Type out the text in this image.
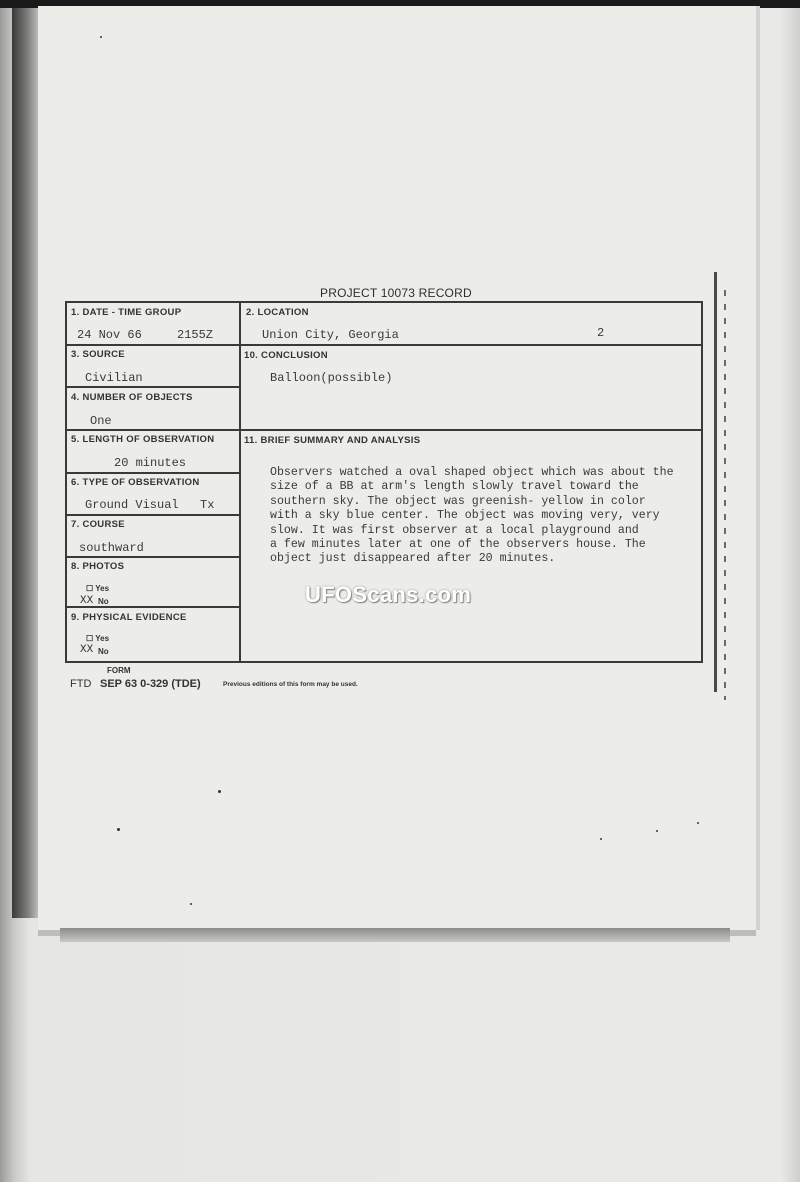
PROJECT 10073 RECORD
1. DATE - TIME GROUP
24 Nov 66	2155Z
2. LOCATION
Union City, Georgia	2
3. SOURCE
Civilian
10. CONCLUSION
Balloon(possible)
4. NUMBER OF OBJECTS
One
5. LENGTH OF OBSERVATION
20 minutes
11. BRIEF SUMMARY AND ANALYSIS
Observers watched a oval shaped object which was about the
size of a BB at arm's length slowly travel toward the
southern sky. The object was greenish- yellow in color
with a sky blue center. The object was moving very, very
slow. It was first observer at a local playground and
a few minutes later at one of the observers house. The
object just disappeared after 20 minutes.
6. TYPE OF OBSERVATION
Ground Visual Tx
7. COURSE
southward
8. PHOTOS
☐ Yes
XX No
9. PHYSICAL EVIDENCE
☐ Yes
XX No
UFOScans.com
FORM
FTD SEP 63 0-329 (TDE)	Previous editions of this form may be used.
